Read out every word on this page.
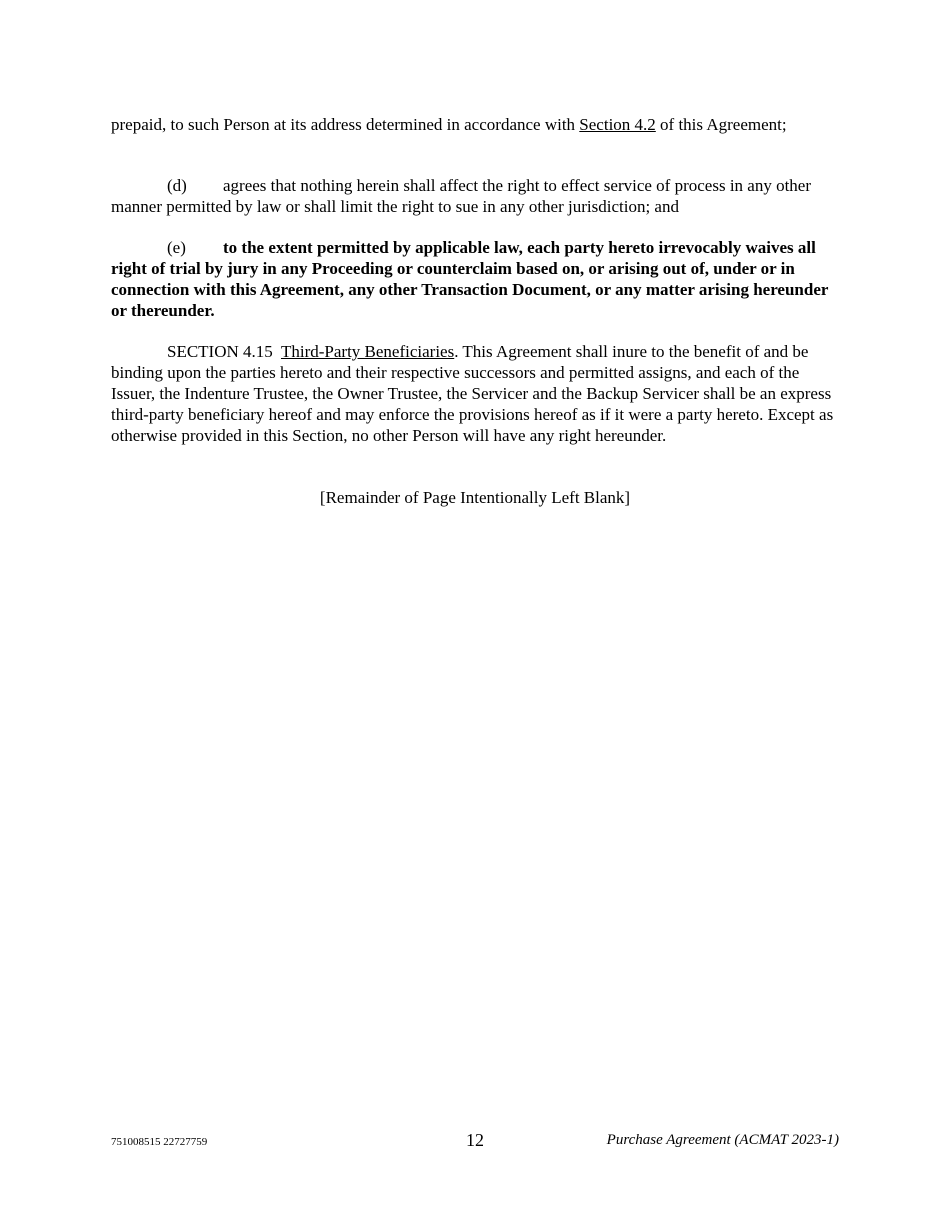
prepaid, to such Person at its address determined in accordance with Section 4.2 of this Agreement;

(d) agrees that nothing herein shall affect the right to effect service of process in any other manner permitted by law or shall limit the right to sue in any other jurisdiction; and

(e) to the extent permitted by applicable law, each party hereto irrevocably waives all right of trial by jury in any Proceeding or counterclaim based on, or arising out of, under or in connection with this Agreement, any other Transaction Document, or any matter arising hereunder or thereunder.

SECTION 4.15 Third-Party Beneficiaries. This Agreement shall inure to the benefit of and be binding upon the parties hereto and their respective successors and permitted assigns, and each of the Issuer, the Indenture Trustee, the Owner Trustee, the Servicer and the Backup Servicer shall be an express third-party beneficiary hereof and may enforce the provisions hereof as if it were a party hereto. Except as otherwise provided in this Section, no other Person will have any right hereunder.

[Remainder of Page Intentionally Left Blank]

751008515 22727759	12	Purchase Agreement (ACMAT 2023-1)
